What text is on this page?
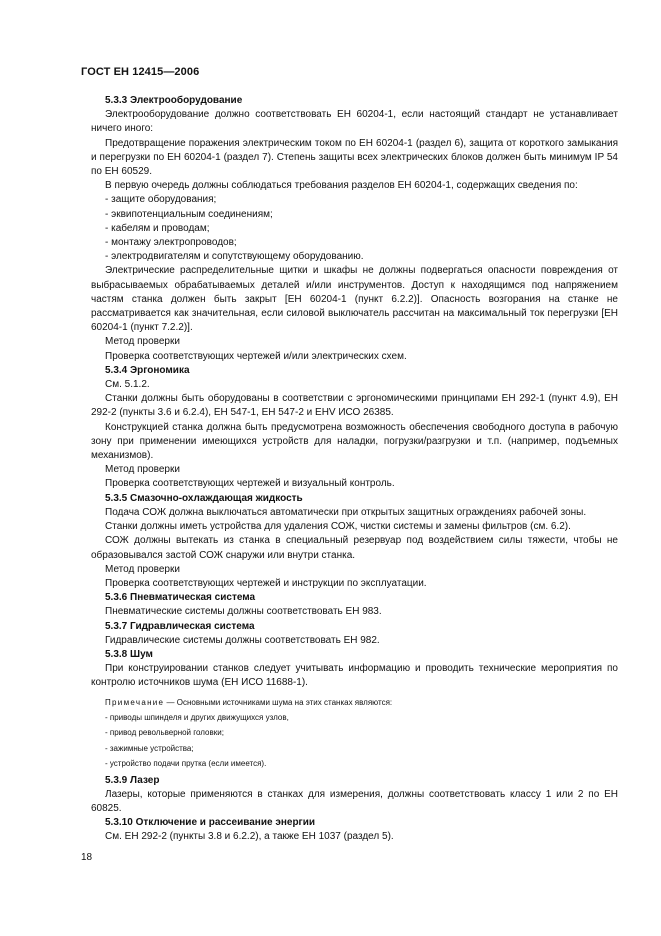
ГОСТ ЕН 12415—2006

5.3.3 Электрооборудование

Электрооборудование должно соответствовать ЕН 60204-1, если настоящий стандарт не устанавливает ничего иного:

Предотвращение поражения электрическим током по ЕН 60204-1 (раздел 6), защита от короткого замыкания и перегрузки по ЕН 60204-1 (раздел 7). Степень защиты всех электрических блоков должен быть минимум IP 54 по ЕН 60529.

В первую очередь должны соблюдаться требования разделов ЕН 60204-1, содержащих сведения по:

- защите оборудования;

- эквипотенциальным соединениям;

- кабелям и проводам;

- монтажу электропроводов;

- электродвигателям и сопутствующему оборудованию.

Электрические распределительные щитки и шкафы не должны подвергаться опасности повреждения от выбрасываемых обрабатываемых деталей и/или инструментов. Доступ к находящимся под напряжением частям станка должен быть закрыт [ЕН 60204-1 (пункт 6.2.2)]. Опасность возгорания на станке не рассматривается как значительная, если силовой выключатель рассчитан на максимальный ток перегрузки [ЕН 60204-1 (пункт 7.2.2)].

Метод проверки

Проверка соответствующих чертежей и/или электрических схем.

5.3.4 Эргономика

См. 5.1.2.

Станки должны быть оборудованы в соответствии с эргономическими принципами ЕН 292-1 (пункт 4.9), ЕН 292-2 (пункты 3.6 и 6.2.4), ЕН 547-1, ЕН 547-2 и ЕНV ИСО 26385.

Конструкцией станка должна быть предусмотрена возможность обеспечения свободного доступа в рабочую зону при применении имеющихся устройств для наладки, погрузки/разгрузки и т.п. (например, подъемных механизмов).

Метод проверки

Проверка соответствующих чертежей и визуальный контроль.

5.3.5 Смазочно-охлаждающая жидкость

Подача СОЖ должна выключаться автоматически при открытых защитных ограждениях рабочей зоны.

Станки должны иметь устройства для удаления СОЖ, чистки системы и замены фильтров (см. 6.2).

СОЖ должны вытекать из станка в специальный резервуар под воздействием силы тяжести, чтобы не образовывался застой СОЖ снаружи или внутри станка.

Метод проверки

Проверка соответствующих чертежей и инструкции по эксплуатации.

5.3.6 Пневматическая система

Пневматические системы должны соответствовать ЕН 983.

5.3.7 Гидравлическая система

Гидравлические системы должны соответствовать ЕН 982.

5.3.8 Шум

При конструировании станков следует учитывать информацию и проводить технические мероприятия по контролю источников шума (ЕН ИСО 11688-1).

Примечание — Основными источниками шума на этих станках являются:

- приводы шпинделя и других движущихся узлов,

- привод револьверной головки;

- зажимные устройства;

- устройство подачи прутка (если имеется).

5.3.9 Лазер

Лазеры, которые применяются в станках для измерения, должны соответствовать классу 1 или 2 по ЕН 60825.

5.3.10 Отключение и рассеивание энергии

См. ЕН 292-2 (пункты 3.8 и 6.2.2), а также ЕН 1037 (раздел 5).

18
